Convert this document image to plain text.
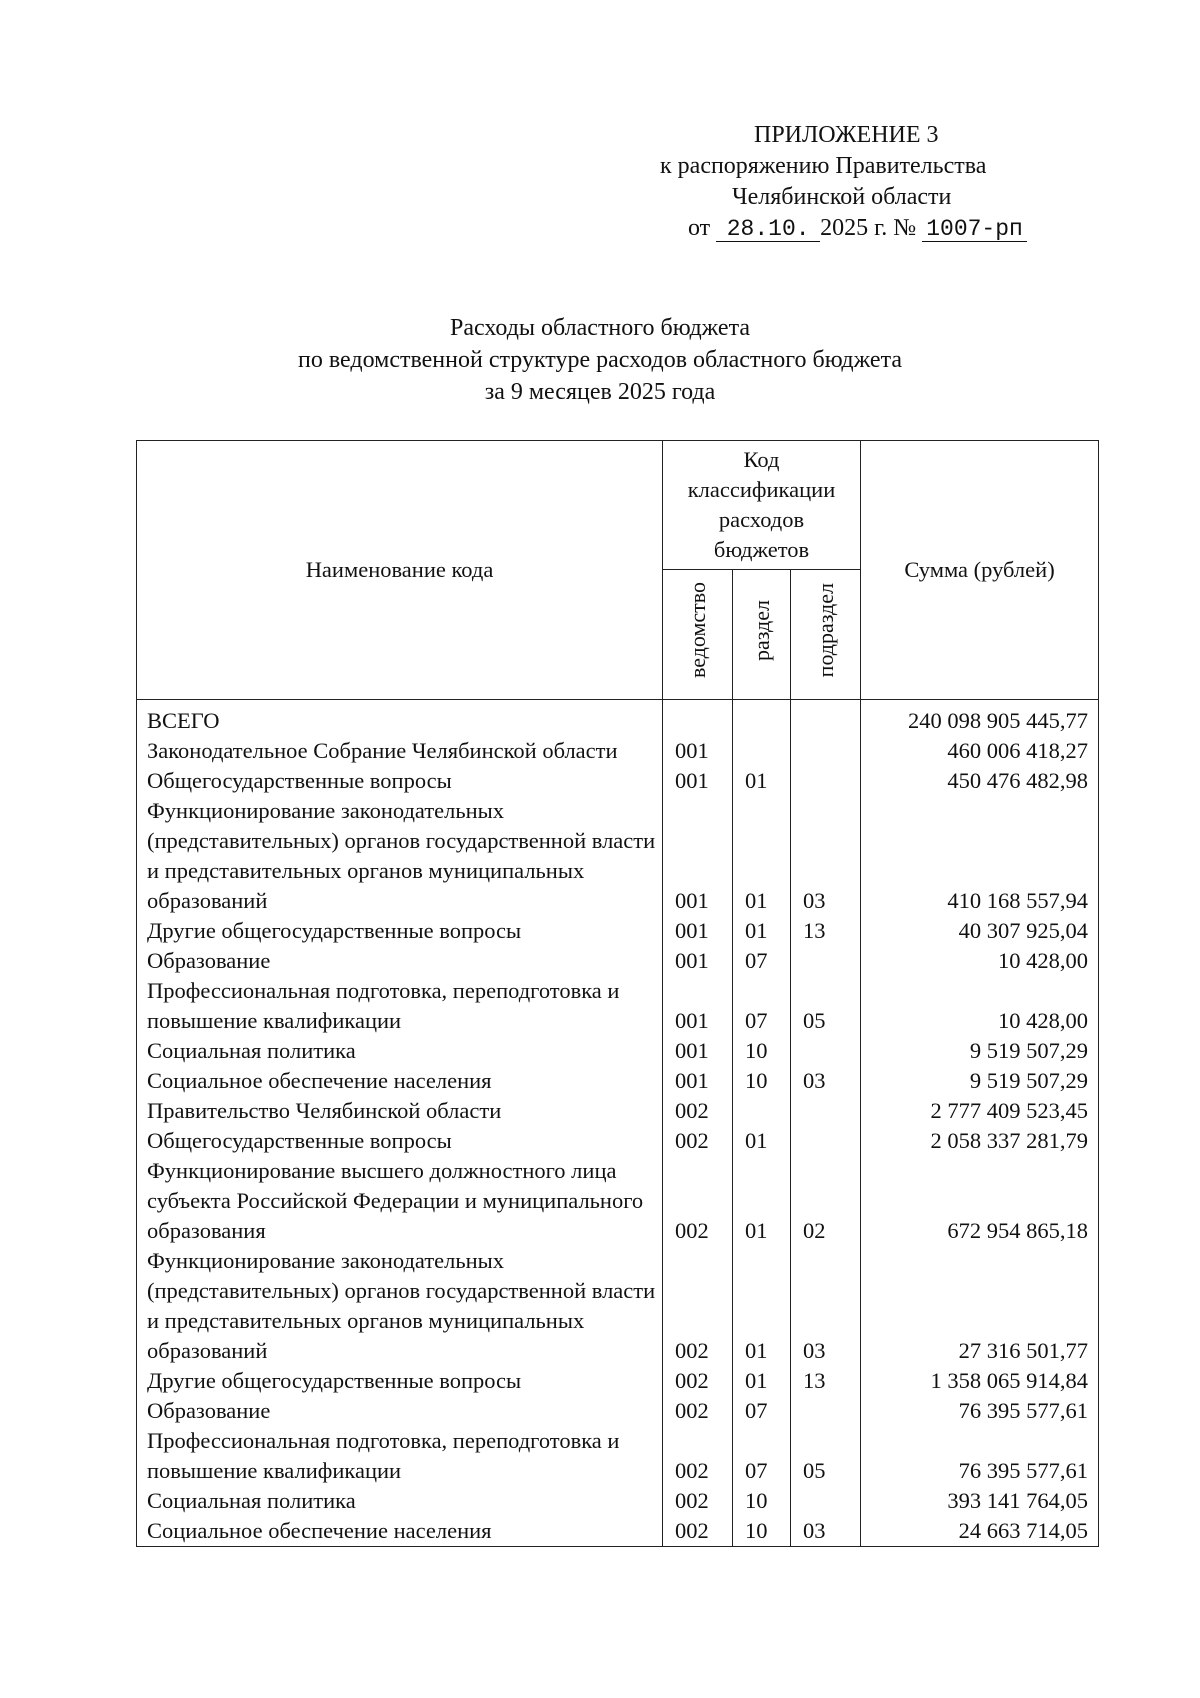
ПРИЛОЖЕНИЕ 3
к распоряжению Правительства
Челябинской области
от 28.10. 2025 г. № 1007-рп
Расходы областного бюджета
по ведомственной структуре расходов областного бюджета
за 9 месяцев 2025 года
Наименование кода	Код классификации расходов бюджетов			Сумма (рублей)
	ведомство	раздел	подраздел	
ВСЕГО				240 098 905 445,77
Законодательное Собрание Челябинской области	001			460 006 418,27
Общегосударственные вопросы	001	01		450 476 482,98
Функционирование законодательных (представительных) органов государственной власти и представительных органов муниципальных образований	001	01	03	410 168 557,94
Другие общегосударственные вопросы	001	01	13	40 307 925,04
Образование	001	07		10 428,00
Профессиональная подготовка, переподготовка и повышение квалификации	001	07	05	10 428,00
Социальная политика	001	10		9 519 507,29
Социальное обеспечение населения	001	10	03	9 519 507,29
Правительство Челябинской области	002			2 777 409 523,45
Общегосударственные вопросы	002	01		2 058 337 281,79
Функционирование высшего должностного лица субъекта Российской Федерации и муниципального образования	002	01	02	672 954 865,18
Функционирование законодательных (представительных) органов государственной власти и представительных органов муниципальных образований	002	01	03	27 316 501,77
Другие общегосударственные вопросы	002	01	13	1 358 065 914,84
Образование	002	07		76 395 577,61
Профессиональная подготовка, переподготовка и повышение квалификации	002	07	05	76 395 577,61
Социальная политика	002	10		393 141 764,05
Социальное обеспечение населения	002	10	03	24 663 714,05
